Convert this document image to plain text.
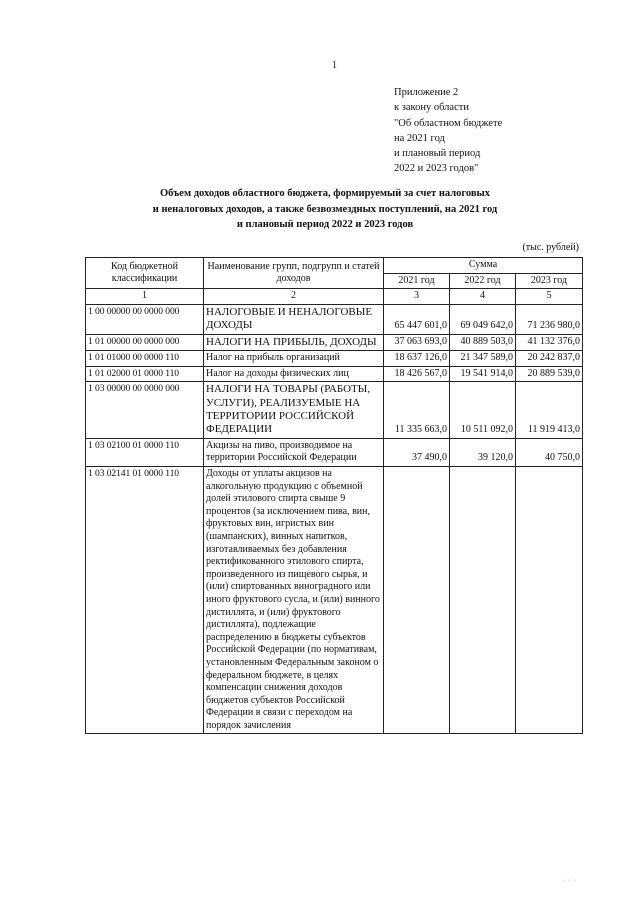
1
Приложение 2
к закону области
"Об областном бюджете
на 2021 год
и плановый период
2022 и 2023 годов"
Объем доходов областного бюджета, формируемый за счет налоговых
и неналоговых доходов, а также безвозмездных поступлений, на 2021 год
и плановый период 2022 и 2023 годов
(тыс. рублей)
Код бюджетной классификации	Наименование групп, подгрупп и статей доходов	Сумма		
		2021 год	2022 год	2023 год
1	2	3	4	5
1 00 00000 00 0000 000	НАЛОГОВЫЕ И НЕНАЛОГОВЫЕ ДОХОДЫ	65 447 601,0	69 049 642,0	71 236 980,0
1 01 00000 00 0000 000	НАЛОГИ НА ПРИБЫЛЬ, ДОХОДЫ	37 063 693,0	40 889 503,0	41 132 376,0
1 01 01000 00 0000 110	Налог на прибыль организаций	18 637 126,0	21 347 589,0	20 242 837,0
1 01 02000 01 0000 110	Налог на доходы физических лиц	18 426 567,0	19 541 914,0	20 889 539,0
1 03 00000 00 0000 000	НАЛОГИ НА ТОВАРЫ (РАБОТЫ, УСЛУГИ), РЕАЛИЗУЕМЫЕ НА ТЕРРИТОРИИ РОССИЙСКОЙ ФЕДЕРАЦИИ	11 335 663,0	10 511 092,0	11 919 413,0
1 03 02100 01 0000 110	Акцизы на пиво, производимое на территории Российской Федерации	37 490,0	39 120,0	40 750,0
1 03 02141 01 0000 110	Доходы от уплаты акцизов на алкогольную продукцию с объемной долей этилового спирта свыше 9 процентов (за исключением пива, вин, фруктовых вин, игристых вин (шампанских), винных напитков, изготавливаемых без добавления ректификованного этилового спирта, произведенного из пищевого сырья, и (или) спиртованных виноградного или иного фруктового сусла, и (или) винного дистиллята, и (или) фруктового дистиллята), подлежащие распределению в бюджеты субъектов Российской Федерации (по нормативам, установленным Федеральным законом о федеральном бюджете, в целях компенсации снижения доходов бюджетов субъектов Российской Федерации в связи с переходом на порядок зачисления			
· · ·
